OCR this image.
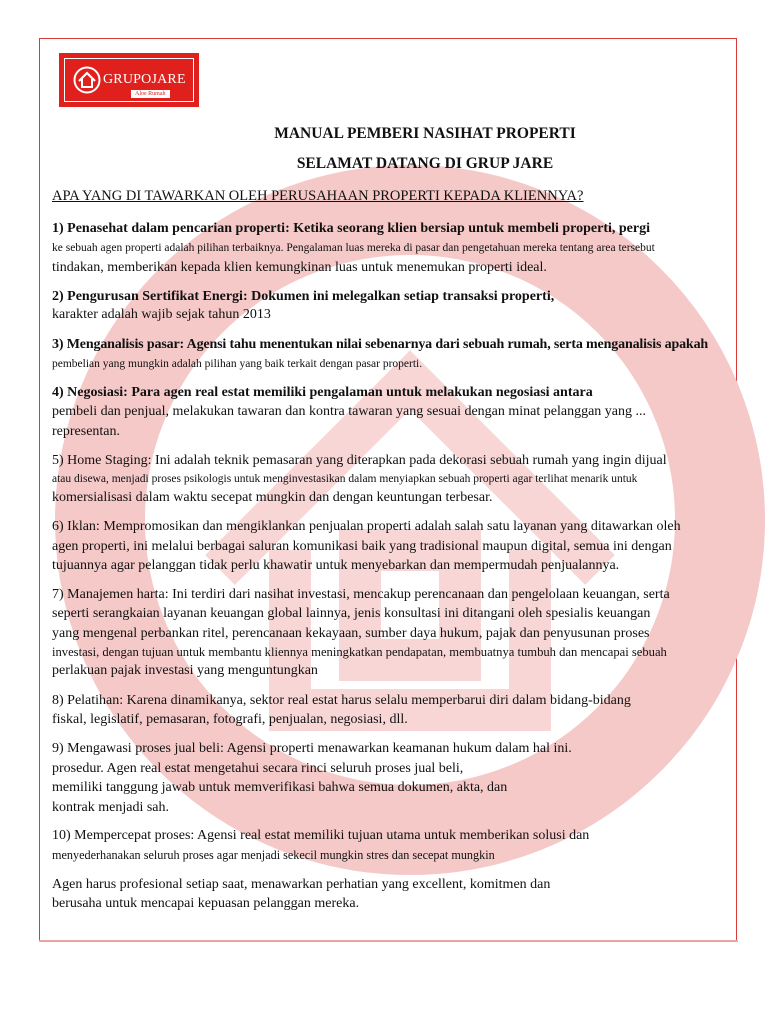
GRUPOJARE
Aloe Rumah
MANUAL PEMBERI NASIHAT PROPERTI
SELAMAT DATANG DI GRUP JARE
APA YANG DI TAWARKAN OLEH PERUSAHAAN PROPERTI KEPADA KLIENNYA?
1) Penasehat dalam pencarian properti: Ketika seorang klien bersiap untuk membeli properti, pergi
ke sebuah agen properti adalah pilihan terbaiknya. Pengalaman luas mereka di pasar dan pengetahuan mereka tentang area tersebut
tindakan, memberikan kepada klien kemungkinan luas untuk menemukan properti ideal.
2) Pengurusan Sertifikat Energi: Dokumen ini melegalkan setiap transaksi properti,
karakter adalah wajib sejak tahun 2013
3) Menganalisis pasar: Agensi tahu menentukan nilai sebenarnya dari sebuah rumah, serta menganalisis apakah
pembelian yang mungkin adalah pilihan yang baik terkait dengan pasar properti.
4) Negosiasi: Para agen real estat memiliki pengalaman untuk melakukan negosiasi antara
pembeli dan penjual, melakukan tawaran dan kontra tawaran yang sesuai dengan minat pelanggan yang ...
representan.
5) Home Staging: Ini adalah teknik pemasaran yang diterapkan pada dekorasi sebuah rumah yang ingin dijual
atau disewa, menjadi proses psikologis untuk menginvestasikan dalam menyiapkan sebuah properti agar terlihat menarik untuk
komersialisasi dalam waktu secepat mungkin dan dengan keuntungan terbesar.
6) Iklan: Mempromosikan dan mengiklankan penjualan properti adalah salah satu layanan yang ditawarkan oleh
agen properti, ini melalui berbagai saluran komunikasi baik yang tradisional maupun digital, semua ini dengan
tujuannya agar pelanggan tidak perlu khawatir untuk menyebarkan dan mempermudah penjualannya.
7) Manajemen harta: Ini terdiri dari nasihat investasi, mencakup perencanaan dan pengelolaan keuangan, serta
seperti serangkaian layanan keuangan global lainnya, jenis konsultasi ini ditangani oleh spesialis keuangan
yang mengenal perbankan ritel, perencanaan kekayaan, sumber daya hukum, pajak dan penyusunan proses
investasi, dengan tujuan untuk membantu kliennya meningkatkan pendapatan, membuatnya tumbuh dan mencapai sebuah
perlakuan pajak investasi yang menguntungkan
8) Pelatihan: Karena dinamikanya, sektor real estat harus selalu memperbarui diri dalam bidang-bidang
fiskal, legislatif, pemasaran, fotografi, penjualan, negosiasi, dll.
9) Mengawasi proses jual beli: Agensi properti menawarkan keamanan hukum dalam hal ini.
prosedur. Agen real estat mengetahui secara rinci seluruh proses jual beli,
memiliki tanggung jawab untuk memverifikasi bahwa semua dokumen, akta, dan
kontrak menjadi sah.
10) Mempercepat proses: Agensi real estat memiliki tujuan utama untuk memberikan solusi dan
menyederhanakan seluruh proses agar menjadi sekecil mungkin stres dan secepat mungkin
Agen harus profesional setiap saat, menawarkan perhatian yang excellent, komitmen dan
berusaha untuk mencapai kepuasan pelanggan mereka.
